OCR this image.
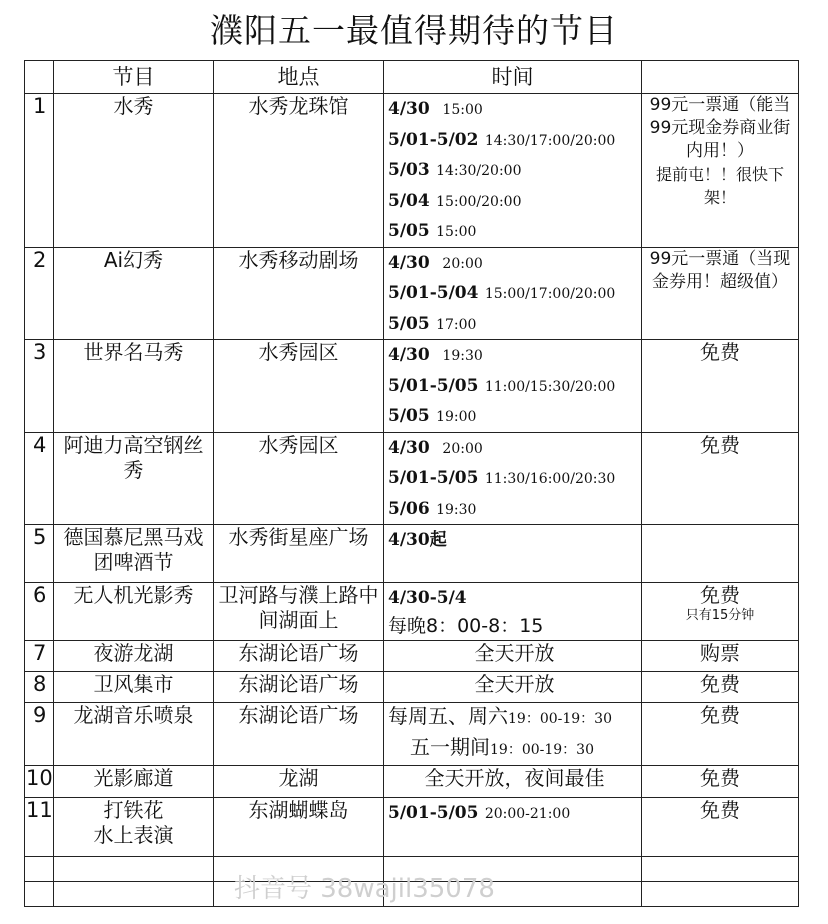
濮阳五一最值得期待的节目
	节目	地点	时间	
1	水秀	水秀龙珠馆	4/30 15:00
5/01-5/02 14:30/17:00/20:00
5/03 14:30/20:00
5/04 15:00/20:00
5/05 15:00	99元一票通（能当99元现金券商业街内用！）
提前屯！！很快下架！

2	Ai幻秀	水秀移动剧场	4/30 20:00
5/01-5/04 15:00/17:00/20:00
5/05 17:00	99元一票通（当现金券用！超级值）
3	世界名马秀	水秀园区	4/30 19:30
5/01-5/05 11:00/15:30/20:00
5/05 19:00	免费
4	阿迪力高空钢丝秀	水秀园区	4/30 20:00
5/01-5/05 11:30/16:00/20:30
5/06 19:30	免费
5	德国慕尼黑马戏团啤酒节	水秀街星座广场	4/30起	

6	无人机光影秀	卫河路与濮上路中间湖面上	4/30-5/4
每晚8：00-8：15	免费
只有15分钟

7	夜游龙湖	东湖论语广场	全天开放	购票
8	卫风集市	东湖论语广场	全天开放	免费
9	龙湖音乐喷泉	东湖论语广场	每周五、周六19：00-19：30
五一期间19：00-19：30	免费
10	光影廊道	龙湖	全天开放，夜间最佳	免费
11	打铁花
水上表演	东湖蝴蝶岛	5/01-5/05 20:00-21:00	免费

抖音号 38wajil35078
